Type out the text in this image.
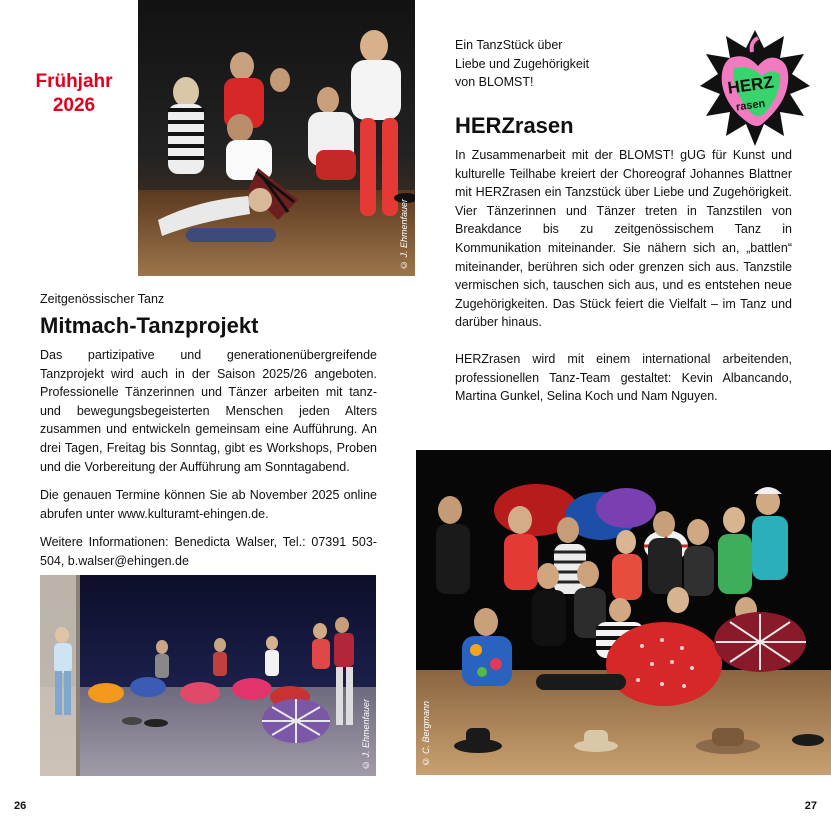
Frühjahr 2026
© J. Ehmenfauer
Zeitgenössischer Tanz
Mitmach-Tanzprojekt

Das partizipative und generationenübergreifende Tanzprojekt wird auch in der Saison 2025/26 angeboten. Professionelle Tänzerinnen und Tänzer arbeiten mit tanz- und bewegungsbegeisterten Menschen jeden Alters zusammen und entwickeln gemeinsam eine Aufführung. An drei Tagen, Freitag bis Sonntag, gibt es Workshops, Proben und die Vorbereitung der Aufführung am Sonntagabend.

Die genauen Termine können Sie ab November 2025 online abrufen unter www.kulturamt-ehingen.de.

Weitere Informationen: Benedicta Walser, Tel.: 07391 503-504, b.walser@ehingen.de

© J. Ehmenfauer
26
Ein TanzStück über
Liebe und Zugehörigkeit
von BLOMST!	HERZ
rasen
HERZrasen

In Zusammenarbeit mit der BLOMST! gUG für Kunst und kulturelle Teilhabe kreiert der Choreograf Johannes Blattner mit HERZrasen ein Tanzstück über Liebe und Zugehörigkeit. Vier Tänzerinnen und Tänzer treten in Tanzstilen von Breakdance bis zu zeitgenössischem Tanz in Kommunikation miteinander. Sie nähern sich an, „battlen“ miteinander, berühren sich oder grenzen sich aus. Tanzstile vermischen sich, tauschen sich aus, und es entstehen neue Zugehörigkeiten. Das Stück feiert die Vielfalt – im Tanz und darüber hinaus.

HERZrasen wird mit einem international arbeitenden, professionellen Tanz-Team gestaltet: Kevin Albancando, Martina Gunkel, Selina Koch und Nam Nguyen.

© C. Bergmann
27
